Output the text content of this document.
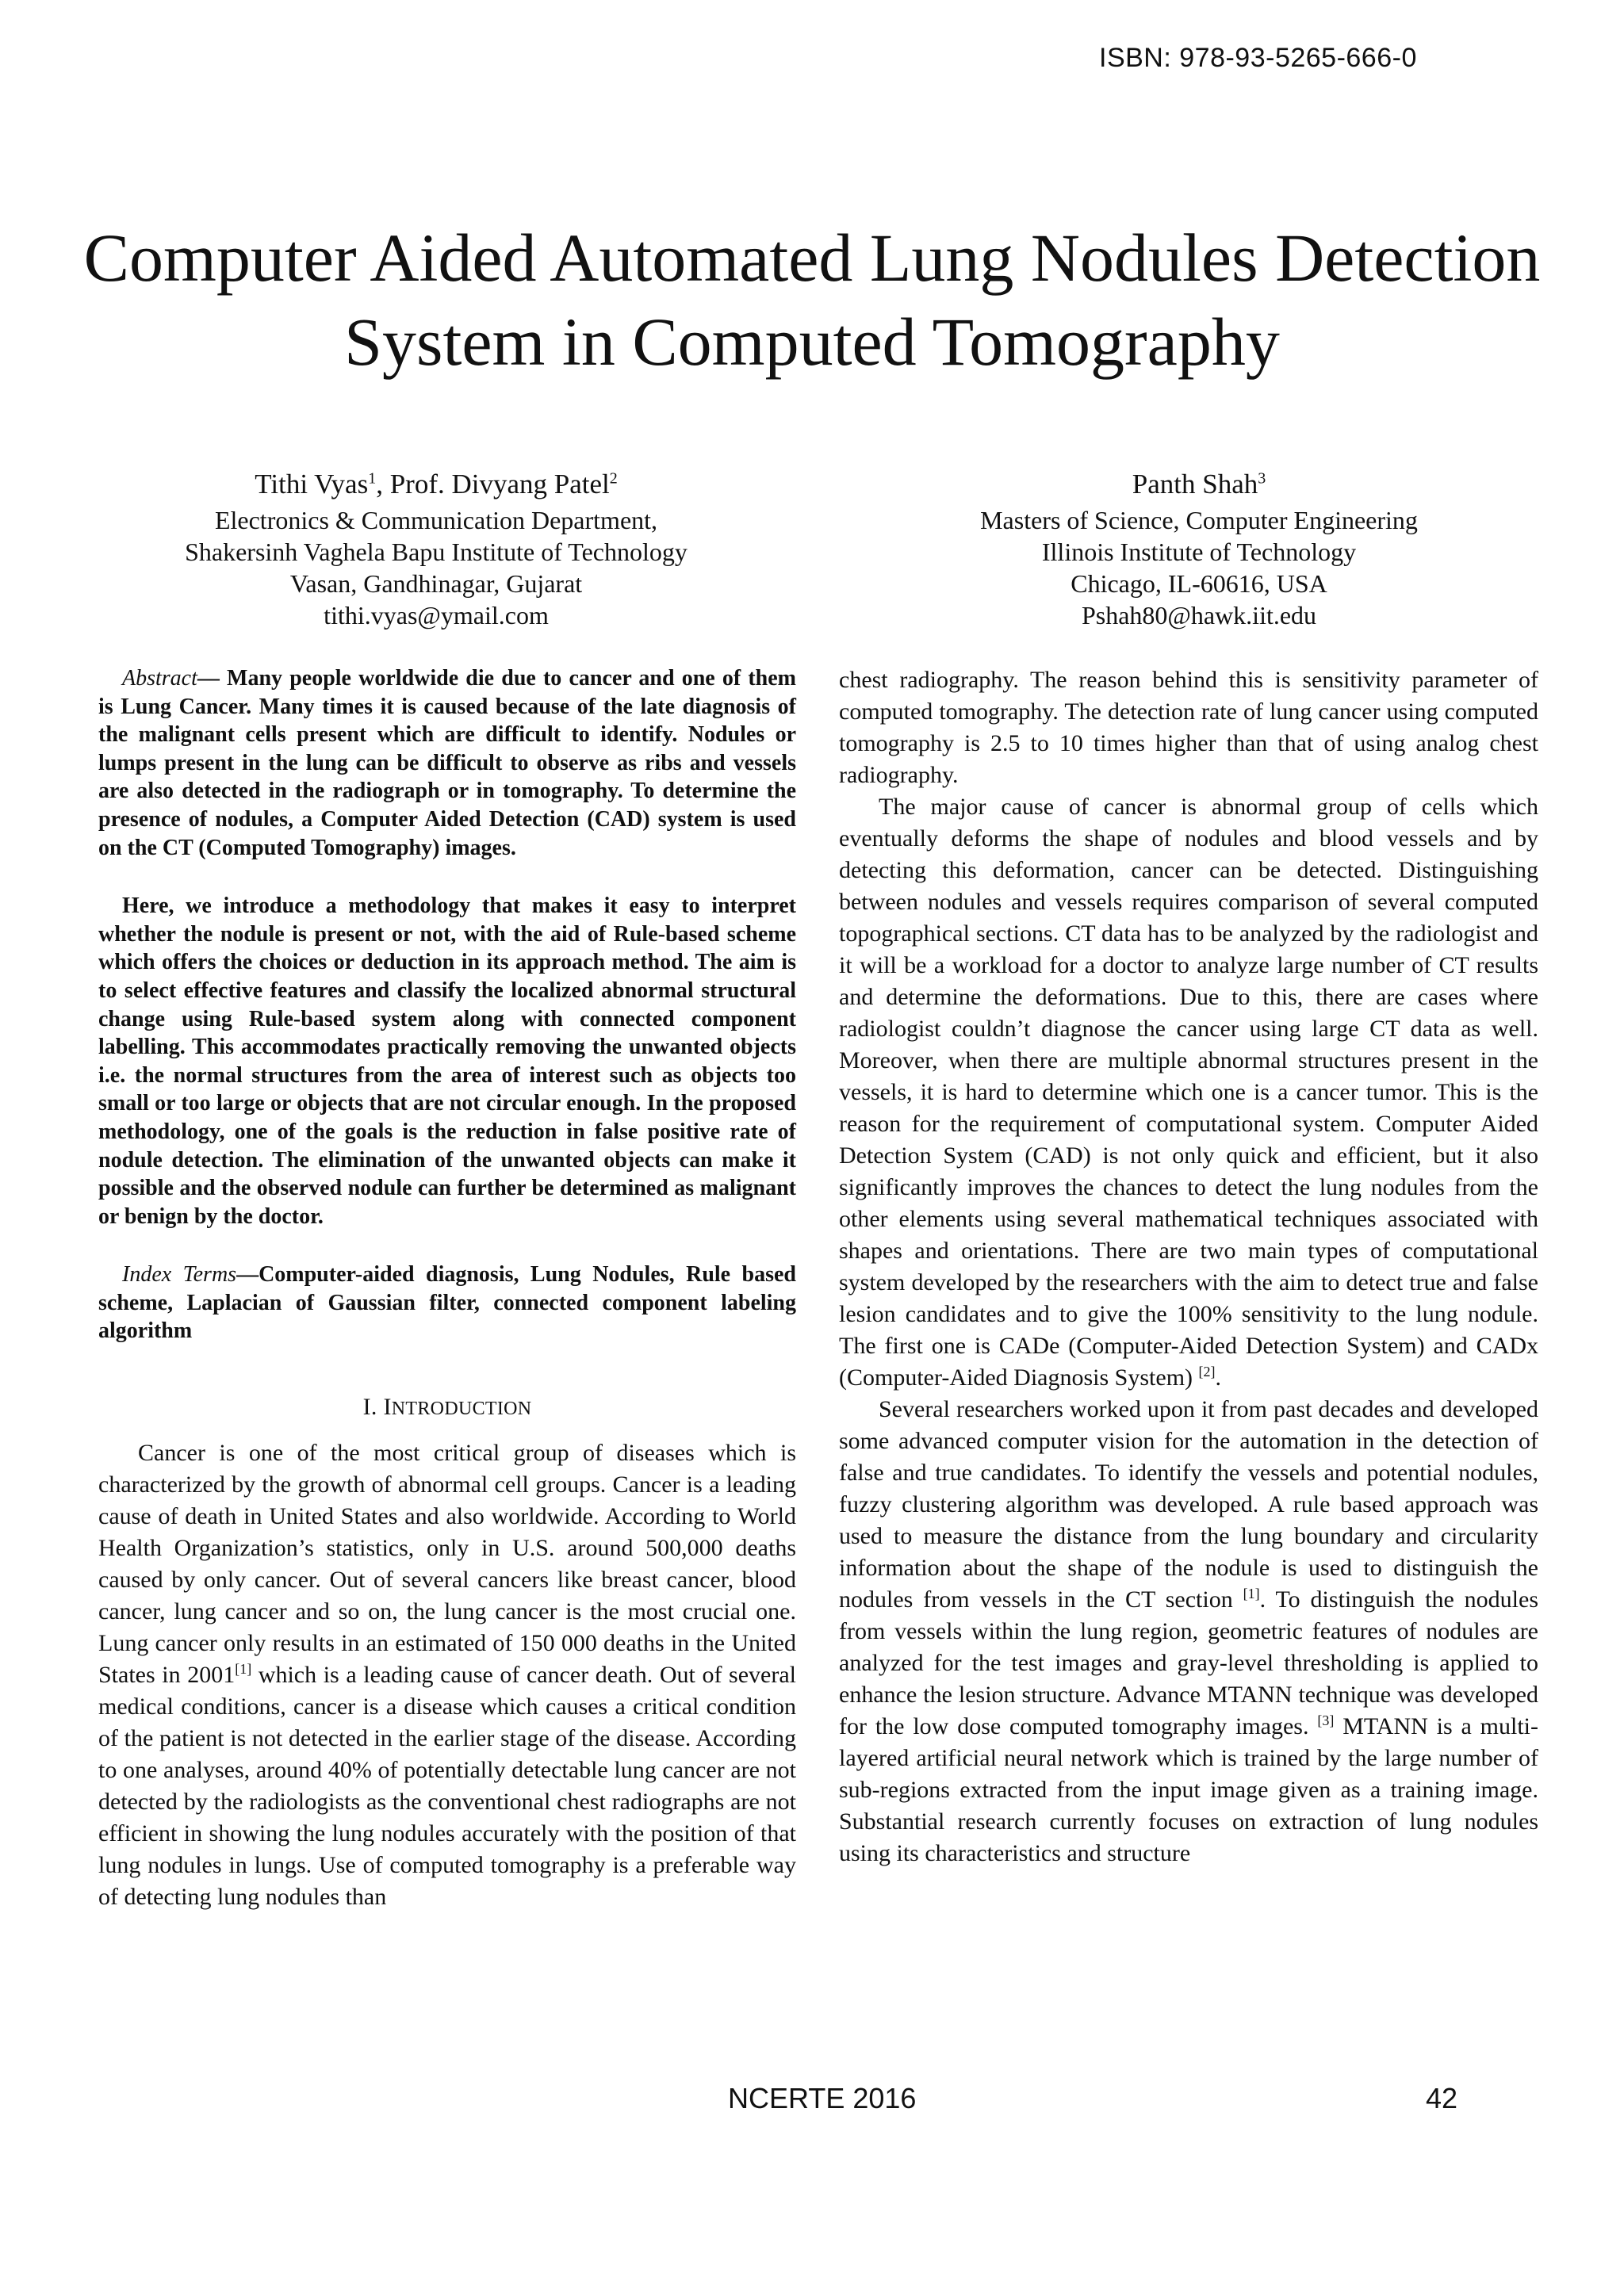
ISBN: 978-93-5265-666-0
Computer Aided Automated Lung Nodules Detection
System in Computed Tomography
Tithi Vyas$^1$, Prof. Divyang Patel$^2$
Electronics & Communication Department,
Shakersinh Vaghela Bapu Institute of Technology
Vasan, Gandhinagar, Gujarat
tithi.vyas@ymail.com
Panth Shah$^3$
Masters of Science, Computer Engineering
Illinois Institute of Technology
Chicago, IL-60616, USA
Pshah80@hawk.iit.edu

Abstract— Many people worldwide die due to cancer and one of them is Lung Cancer. Many times it is caused because of the late diagnosis of the malignant cells present which are difficult to identify. Nodules or lumps present in the lung can be difficult to observe as ribs and vessels are also detected in the radiograph or in tomography. To determine the presence of nodules, a Computer Aided Detection (CAD) system is used on the CT (Computed Tomography) images.

Here, we introduce a methodology that makes it easy to interpret whether the nodule is present or not, with the aid of Rule-based scheme which offers the choices or deduction in its approach method. The aim is to select effective features and classify the localized abnormal structural change using Rule-based system along with connected component labelling. This accommodates practically removing the unwanted objects i.e. the normal structures from the area of interest such as objects too small or too large or objects that are not circular enough. In the proposed methodology, one of the goals is the reduction in false positive rate of nodule detection. The elimination of the unwanted objects can make it possible and the observed nodule can further be determined as malignant or benign by the doctor.

Index Terms—Computer-aided diagnosis, Lung Nodules, Rule based scheme, Laplacian of Gaussian filter, connected component labeling algorithm

I. INTRODUCTION

Cancer is one of the most critical group of diseases which is characterized by the growth of abnormal cell groups. Cancer is a leading cause of death in United States and also worldwide. According to World Health Organization’s statistics, only in U.S. around 500,000 deaths caused by only cancer. Out of several cancers like breast cancer, blood cancer, lung cancer and so on, the lung cancer is the most crucial one. Lung cancer only results in an estimated of 150 000 deaths in the United States in 2001[1] which is a leading cause of cancer death. Out of several medical conditions, cancer is a disease which causes a critical condition of the patient is not detected in the earlier stage of the disease. According to one analyses, around 40% of potentially detectable lung cancer are not detected by the radiologists as the conventional chest radiographs are not efficient in showing the lung nodules accurately with the position of that lung nodules in lungs. Use of computed tomography is a preferable way of detecting lung nodules than

chest radiography. The reason behind this is sensitivity parameter of computed tomography. The detection rate of lung cancer using computed tomography is 2.5 to 10 times higher than that of using analog chest radiography.

The major cause of cancer is abnormal group of cells which eventually deforms the shape of nodules and blood vessels and by detecting this deformation, cancer can be detected. Distinguishing between nodules and vessels requires comparison of several computed topographical sections. CT data has to be analyzed by the radiologist and it will be a workload for a doctor to analyze large number of CT results and determine the deformations. Due to this, there are cases where radiologist couldn’t diagnose the cancer using large CT data as well. Moreover, when there are multiple abnormal structures present in the vessels, it is hard to determine which one is a cancer tumor. This is the reason for the requirement of computational system. Computer Aided Detection System (CAD) is not only quick and efficient, but it also significantly improves the chances to detect the lung nodules from the other elements using several mathematical techniques associated with shapes and orientations. There are two main types of computational system developed by the researchers with the aim to detect true and false lesion candidates and to give the 100% sensitivity to the lung nodule. The first one is CADe (Computer-Aided Detection System) and CADx (Computer-Aided Diagnosis System) [2].

Several researchers worked upon it from past decades and developed some advanced computer vision for the automation in the detection of false and true candidates. To identify the vessels and potential nodules, fuzzy clustering algorithm was developed. A rule based approach was used to measure the distance from the lung boundary and circularity information about the shape of the nodule is used to distinguish the nodules from vessels in the CT section [1]. To distinguish the nodules from vessels within the lung region, geometric features of nodules are analyzed for the test images and gray-level thresholding is applied to enhance the lesion structure. Advance MTANN technique was developed for the low dose computed tomography images. [3] MTANN is a multi-layered artificial neural network which is trained by the large number of sub-regions extracted from the input image given as a training image. Substantial research currently focuses on extraction of lung nodules using its characteristics and structure

NCERTE 2016	42
